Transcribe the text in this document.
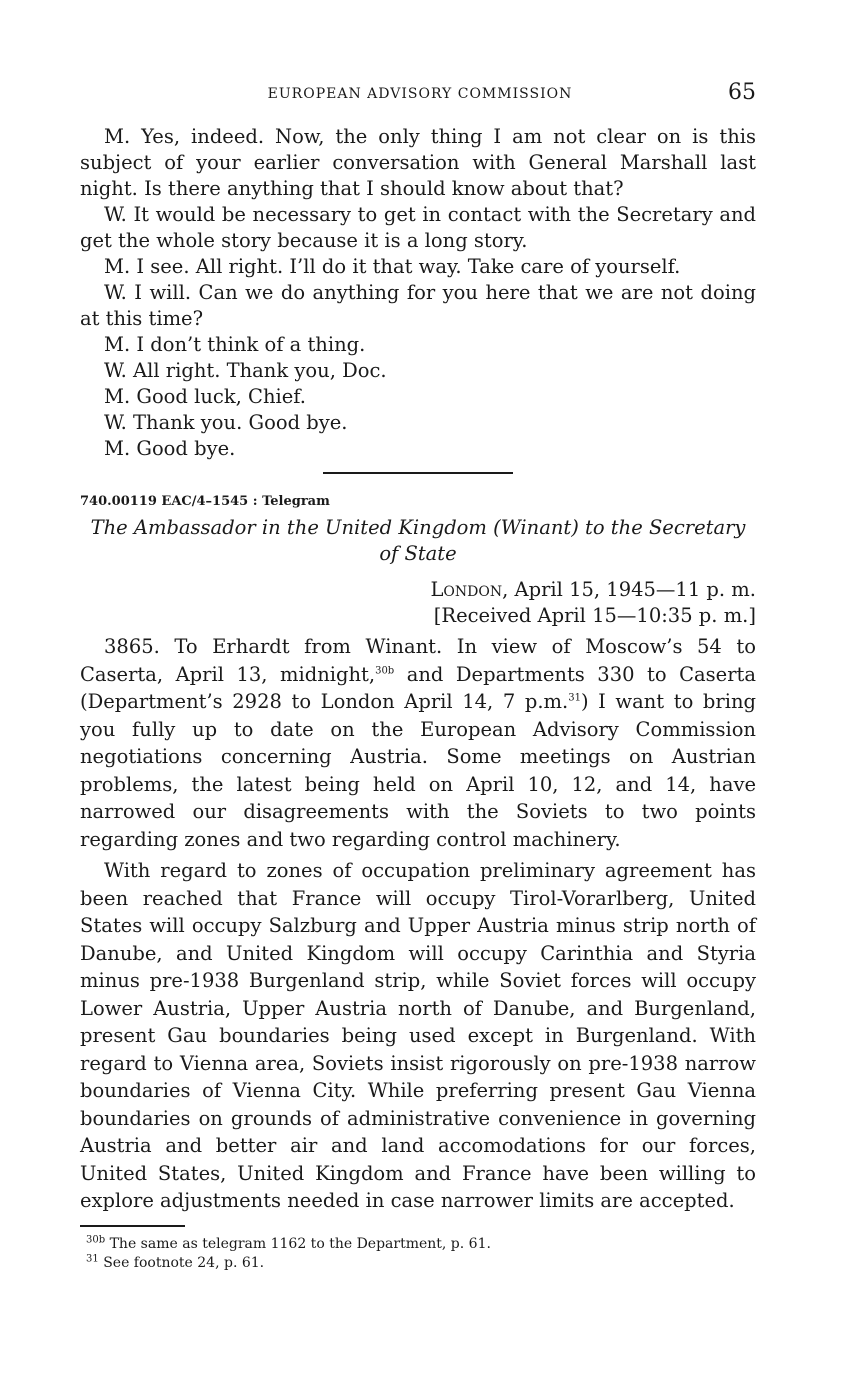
EUROPEAN ADVISORY COMMISSION	65

M. Yes, indeed. Now, the only thing I am not clear on is this subject of your earlier conversation with General Marshall last night. Is there anything that I should know about that?

W. It would be necessary to get in contact with the Secretary and get the whole story because it is a long story.

M. I see. All right. I’ll do it that way. Take care of yourself.

W. I will. Can we do anything for you here that we are not doing at this time?

M. I don’t think of a thing.

W. All right. Thank you, Doc.

M. Good luck, Chief.

W. Thank you. Good bye.

M. Good bye.

740.00119 EAC/4–1545 : Telegram

The Ambassador in the United Kingdom (Winant) to the Secretary of State

London, April 15, 1945—11 p. m.

[Received April 15—10:35 p. m.]

3865. To Erhardt from Winant. In view of Moscow’s 54 to Caserta, April 13, midnight,$^{30b}$ and Departments 330 to Caserta (Department’s 2928 to London April 14, 7 p.m.$^{31}$) I want to bring you fully up to date on the European Advisory Commission negotiations concerning Austria. Some meetings on Austrian problems, the latest being held on April 10, 12, and 14, have narrowed our disagreements with the Soviets to two points regarding zones and two regarding control machinery.

With regard to zones of occupation preliminary agreement has been reached that France will occupy Tirol-Vorarlberg, United States will occupy Salzburg and Upper Austria minus strip north of Danube, and United Kingdom will occupy Carinthia and Styria minus pre-1938 Burgenland strip, while Soviet forces will occupy Lower Austria, Upper Austria north of Danube, and Burgenland, present Gau boundaries being used except in Burgenland. With regard to Vienna area, Soviets insist rigorously on pre-1938 narrow boundaries of Vienna City. While preferring present Gau Vienna boundaries on grounds of administrative convenience in governing Austria and better air and land accomodations for our forces, United States, United Kingdom and France have been willing to explore adjustments needed in case narrower limits are accepted.

$^{30b}$ The same as telegram 1162 to the Department, p. 61.

$^{31}$ See footnote 24, p. 61.
